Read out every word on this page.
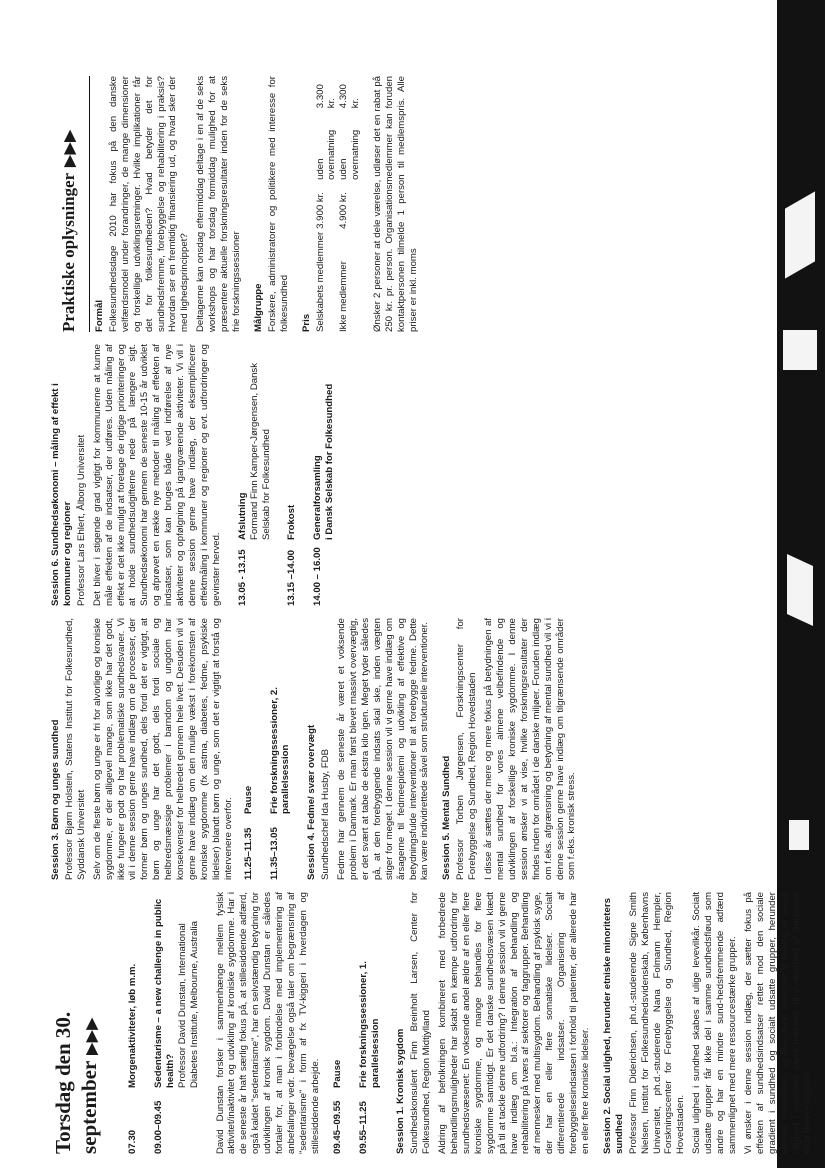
Torsdag den 30. september▶▶▶
07.30
Morgenaktiviteter, løb m.m.
09.00–09.45
Sedentarisme – a new challenge in public health? Professor David Dunstan, International Diabetes Institute, Melbourne, Australia David Dunstan forsker i sammenhænge mellem fysisk aktivitet/inaktivitet og udvikling af kroniske sygdomme. Har i de seneste år haft særlig fokus på, at stillesiddende adfærd, også kaldet "sedentarisme", har en selvstændig betydning for udviklingen af kronisk sygdom. David Dunstan er således fortaler for, at man i forbindelse med implementering af anbefalinger vedr. bevægelse også taler om begrænsning af "sedentarisme" i form af fx TV-kiggeri i hverdagen og stillesiddende arbejde. 09.45–09.55
Pause
09.55–11.25
Frie forskningssessioner, 1. parallelsession Session 1. Kronisk sygdom Sundhedskonsulent Finn Breinholt Larsen, Center for Folkesundhed, Region Midtjylland Aldring af befolkningen kombineret med forbedrede behandlingsmuligheder har skabt en kæmpe udfordring for sundhedsvæsenet: En voksende andel ældre af en eller flere kroniske sygdomme, og mange behandles for flere sygdomme samtidigt. Er det danske sundhedsvæsen klædt på til at tackle denne udfordring? I denne session vil vi gerne have indlæg om bl.a.: Integration af behandling og rehabilitering på tværs af sektorer og faggrupper. Behandling af mennesker med multisygdom. Behandling af psykisk syge, der har en eller flere somatiske lidelser. Socialt differentierede indsatser. Organisering af forebyggelsesindsatsen i forhold til patienter, der allerede har en eller flere kroniske lidelser. Session 2. Social ulighed, herunder etniske minoriteters sundhed Professor Finn Diderichsen, ph.d.-studerende Signe Smith Nielsen, Institut for Folkesundhedsvidenskab, Københavns Universitet, ph.d.-studerende Nana Folmann Hempler, Forskningscenter for Forebyggelse og Sundhed, Region Hovedstaden. Social ulighed i sundhed skabes af ulige levevilkår. Socialt udsatte grupper får ikke del i samme sundhedsfløud som andre og har en mindre sund-hedsfremmende adfærd sammenlignet med mere ressourcestærke grupper. Vi ønsker i denne session indlæg, der sætter fokus på effekten af sundhedsindsatser rettet mod den sociale gradient i sundhed og socialt udsatte grupper, herunder etniske minoriteter, og diskuterer metoder til måling af social ulighed i sundhed samt metoder til evaluering af indsatser mod denne ulighed.

Session 3. Børn og unges sundhed Professor Bjørn Holstein, Statens Institut for Folkesundhed, Syddansk Universitet Selv om de fleste børn og unge er fri for alvorlige og kroniske sygdomme, er der alligevel mange, som ikke har det godt, ikke fungerer godt og har problematiske sundhedsvaner. Vi vil i denne session gerne have indlæg om de processer, der former børn og unges sundhed, dels fordi det er vigtigt, at børn og unge har det godt, dels fordi sociale og helbredsmæssige problemer i barndom og ungdom har konsekvenser for helbredet gennem hele livet. Desuden vil vi gerne have indlæg om den mulige vækst i forekomsten af kroniske sygdomme (fx astma, diabetes, fedme, psykiske lidelser) blandt børn og unge, som det er vigtigt at forstå og intervenere overfor. 11.25–11.35
Pause
11.35–13.05
Frie forskningssessioner, 2. parallelsession Session 4. Fedme/ svær overvægt Sundhedschef Ida Husby, FDB Fedme har gennem de seneste år været et voksende problem i Danmark. Er man først blevet massivt overvægtig, er det svært at tabe de ekstra kilo igen. Meget tyder således på, at den forebyggende indsats skal ske, inden vægten stiger for meget. I denne session vil vi gerne have indlæg om årsagerne til fedmeepidemi og udvikling af effektive og betydningsfulde interventioner til at forebygge fedme. Dette kan være individrettede såvel som strukturelle interventioner. Session 5. Mental Sundhed Professor Torben Jørgensen, Forskningscenter for Forebyggelse og Sundhed, Region Hovedstaden I disse år sættes der mere og mere fokus på betydningen af mental sundhed for vores almene velbefindende og udviklingen af forskellige kroniske sygdomme. I denne session ønsker vi at vise, hvilke forskningsresultater der findes inden for området i de danske miljøer. Foruden indlæg om f.eks. afgrænsning og betydning af mental sundhed vil vi i denne session gerne have indlæg om tilgrænsende områder som f.eks. kronisk stress.

Session 6. Sundhedsøkonomi – måling af effekt i kommuner og regioner Professor Lars Ehlert, Ålborg Universitet Det bliver i stigende grad vigtigt for kommunerne at kunne måle effekten af de indsatser, der udføres. Uden måling af effekt er det ikke muligt at foretage de rigtige prioriteringer og at holde sundhedsudgifterne nede på længere sigt. Sundhedsøkonomi har gennem de seneste 10-15 år udviklet og afprøvet en række nye metoder til måling af effekten af indsatser, som kan bruges både ved indførelse af nye aktiviteter og opfølgning på igangværende aktiviteter. Vi vil i denne session gerne have indlæg, der eksemplificerer effektmåling i kommuner og regioner og evt. udfordringer og gevinster herved. 13.05 - 13.15
Afslutning Formand Finn Kamper-Jørgensen, Dansk Selskab for Folkesundhed
13.15 –14.00
Frokost
14.00 – 16.00
Generalforsamling
i Dansk Selskab for Folkesundhed
Praktiske oplysninger▶▶▶
Formål Folkesundhedsdage 2010 har fokus på den danske velfærdsmodel under forandringer, de mange dimensioner og forskellige udviklingsretninger. Hvilke implikationer får det for folkesundheden? Hvad betyder det for sundhedsfremme, forebyggelse og rehabilitering i praksis? Hvordan ser en fremtidig finansiering ud, og hvad sker der med lighedsprincippet? Deltagerne kan onsdag eftermiddag deltage i en af de seks workshops og har torsdag formiddag mulighed for at præsentere aktuelle forskningsresultater inden for de seks frie forskningssessioner Målgruppe Forskere, administratorer og politikere med interesse for folkesundhed Pris Selskabets medlemmer
3.900 kr.
uden overnatning
3.300 kr.
Ikke medlemmer
4.900 kr.
uden overnatning
4.300 kr. Ønsker 2 personer at dele værelse, udløser det en rabat på 250 kr. pr. person. Organisationsmedlemmer kan foruden kontaktpersonen tilmelde 1 person til medlemspris. Alle priser er inkl. moms
